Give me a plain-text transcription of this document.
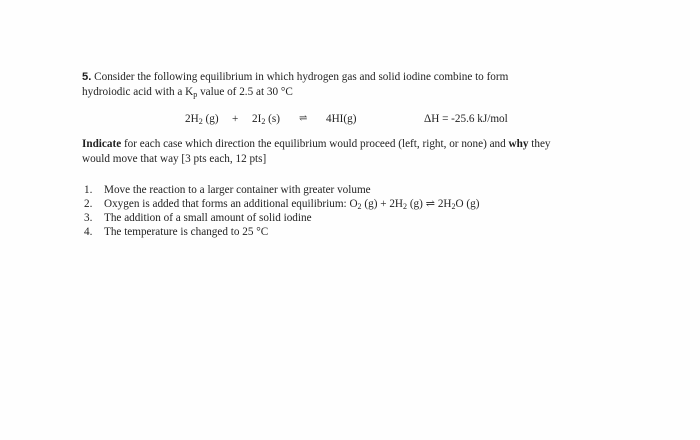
5. Consider the following equilibrium in which hydrogen gas and solid iodine combine to form
hydroiodic acid with a $K_p$ value of 2.5 at 30 °C
$2H_2$ $(g) + 2I_2$ (s) ⇌ 4HI(g)	ΔH = -25.6 kJ/mol
Indicate for each case which direction the equilibrium would proceed (left, right, or none) and why they
would move that way [3 pts each, 12 pts]
1. Move the reaction to a larger container with greater volume
2. Oxygen is added that forms an additional equilibrium: $O_2$ $(g) + 2H_2$ (g) ⇌ $2H_2O$ (g)
3. The addition of a small amount of solid iodine
4. The temperature is changed to 25 °C
